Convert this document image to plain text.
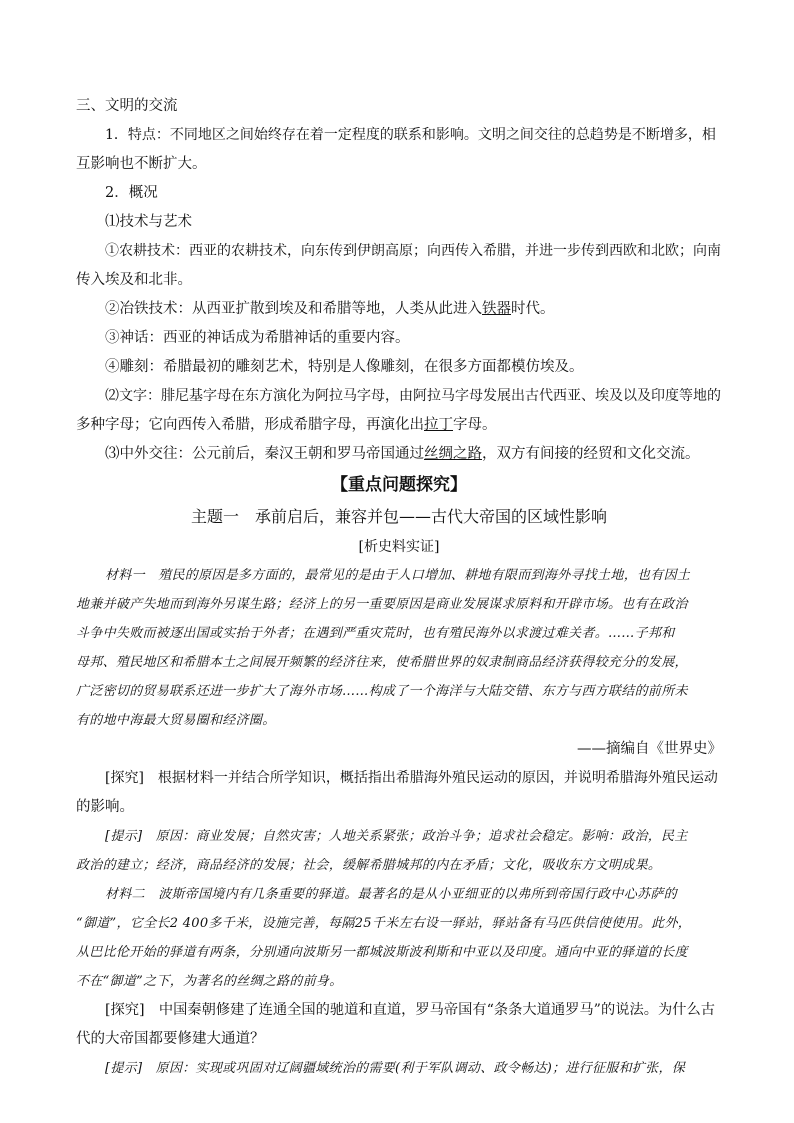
三、文明的交流
1．特点：不同地区之间始终存在着一定程度的联系和影响。文明之间交往的总趋势是不断增多，相
互影响也不断扩大。
2．概况
⑴技术与艺术
①农耕技术：西亚的农耕技术，向东传到伊朗高原；向西传入希腊，并进一步传到西欧和北欧；向南
传入埃及和北非。
②冶铁技术：从西亚扩散到埃及和希腊等地，人类从此进入铁器时代。
③神话：西亚的神话成为希腊神话的重要内容。
④雕刻：希腊最初的雕刻艺术，特别是人像雕刻，在很多方面都模仿埃及。
⑵文字：腓尼基字母在东方演化为阿拉马字母，由阿拉马字母发展出古代西亚、埃及以及印度等地的
多种字母；它向西传入希腊，形成希腊字母，再演化出拉丁字母。
⑶中外交往：公元前后，秦汉王朝和罗马帝国通过丝绸之路，双方有间接的经贸和文化交流。
【重点问题探究】
主题一　承前启后，兼容并包——古代大帝国的区域性影响
[析史料实证]
材料一　殖民的原因是多方面的，最常见的是由于人口增加、耕地有限而到海外寻找土地，也有因土
地兼并破产失地而到海外另谋生路；经济上的另一重要原因是商业发展谋求原料和开辟市场。也有在政治
斗争中失败而被逐出国或实抬于外者；在遇到严重灾荒时，也有殖民海外以求渡过难关者。……子邦和
母邦、殖民地区和希腊本土之间展开频繁的经济往来，使希腊世界的奴隶制商品经济获得较充分的发展，
广泛密切的贸易联系还进一步扩大了海外市场……构成了一个海洋与大陆交错、东方与西方联结的前所未
有的地中海最大贸易圈和经济圈。
——摘编自《世界史》
[探究]　根据材料一并结合所学知识，概括指出希腊海外殖民运动的原因，并说明希腊海外殖民运动
的影响。
[提示]　原因：商业发展；自然灾害；人地关系紧张；政治斗争；追求社会稳定。影响：政治，民主
政治的建立；经济，商品经济的发展；社会，缓解希腊城邦的内在矛盾；文化，吸收东方文明成果。
材料二　波斯帝国境内有几条重要的驿道。最著名的是从小亚细亚的以弗所到帝国行政中心苏萨的
“御道”，它全长2 400多千米，设施完善，每隔25千米左右设一驿站，驿站备有马匹供信使使用。此外，
从巴比伦开始的驿道有两条，分别通向波斯另一都城波斯波利斯和中亚以及印度。通向中亚的驿道的长度
不在“御道”之下，为著名的丝绸之路的前身。
[探究]　中国秦朝修建了连通全国的驰道和直道，罗马帝国有“条条大道通罗马”的说法。为什么古
代的大帝国都要修建大通道？
[提示]　原因：实现或巩固对辽阔疆域统治的需要(利于军队调动、政令畅达)；进行征服和扩张，保
